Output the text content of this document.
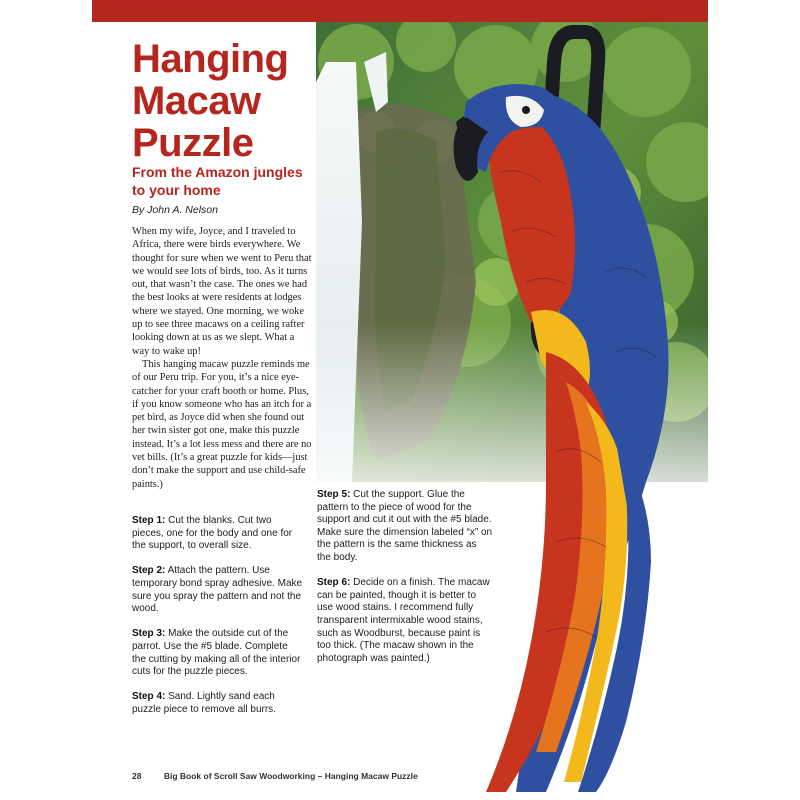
Hanging
Macaw
Puzzle
From the Amazon jungles
to your home
By John A. Nelson

When my wife, Joyce, and I traveled to Africa, there were birds everywhere. We thought for sure when we went to Peru that we would see lots of birds, too. As it turns out, that wasn’t the case. The ones we had the best looks at were residents at lodges where we stayed. One morning, we woke up to see three macaws on a ceiling rafter looking down at us as we slept. What a way to wake up!

This hanging macaw puzzle reminds me of our Peru trip. For you, it’s a nice eye-catcher for your craft booth or home. Plus, if you know someone who has an itch for a pet bird, as Joyce did when she found out her twin sister got one, make this puzzle instead. It’s a lot less mess and there are no vet bills. (It’s a great puzzle for kids—just don’t make the support and use child-safe paints.)

Step 1: Cut the blanks. Cut two pieces, one for the body and one for the support, to overall size.

Step 2: Attach the pattern. Use temporary bond spray adhesive. Make sure you spray the pattern and not the wood.

Step 3: Make the outside cut of the parrot. Use the #5 blade. Complete the cutting by making all of the interior cuts for the puzzle pieces.

Step 4: Sand. Lightly sand each puzzle piece to remove all burrs.

Step 5: Cut the support. Glue the pattern to the piece of wood for the support and cut it out with the #5 blade. Make sure the dimension labeled “x” on the pattern is the same thickness as the body.

Step 6: Decide on a finish. The macaw can be painted, though it is better to use wood stains. I recommend fully transparent intermixable wood stains, such as Woodburst, because paint is too thick. (The macaw shown in the photograph was painted.)

28	Big Book of Scroll Saw Woodworking – Hanging Macaw Puzzle
